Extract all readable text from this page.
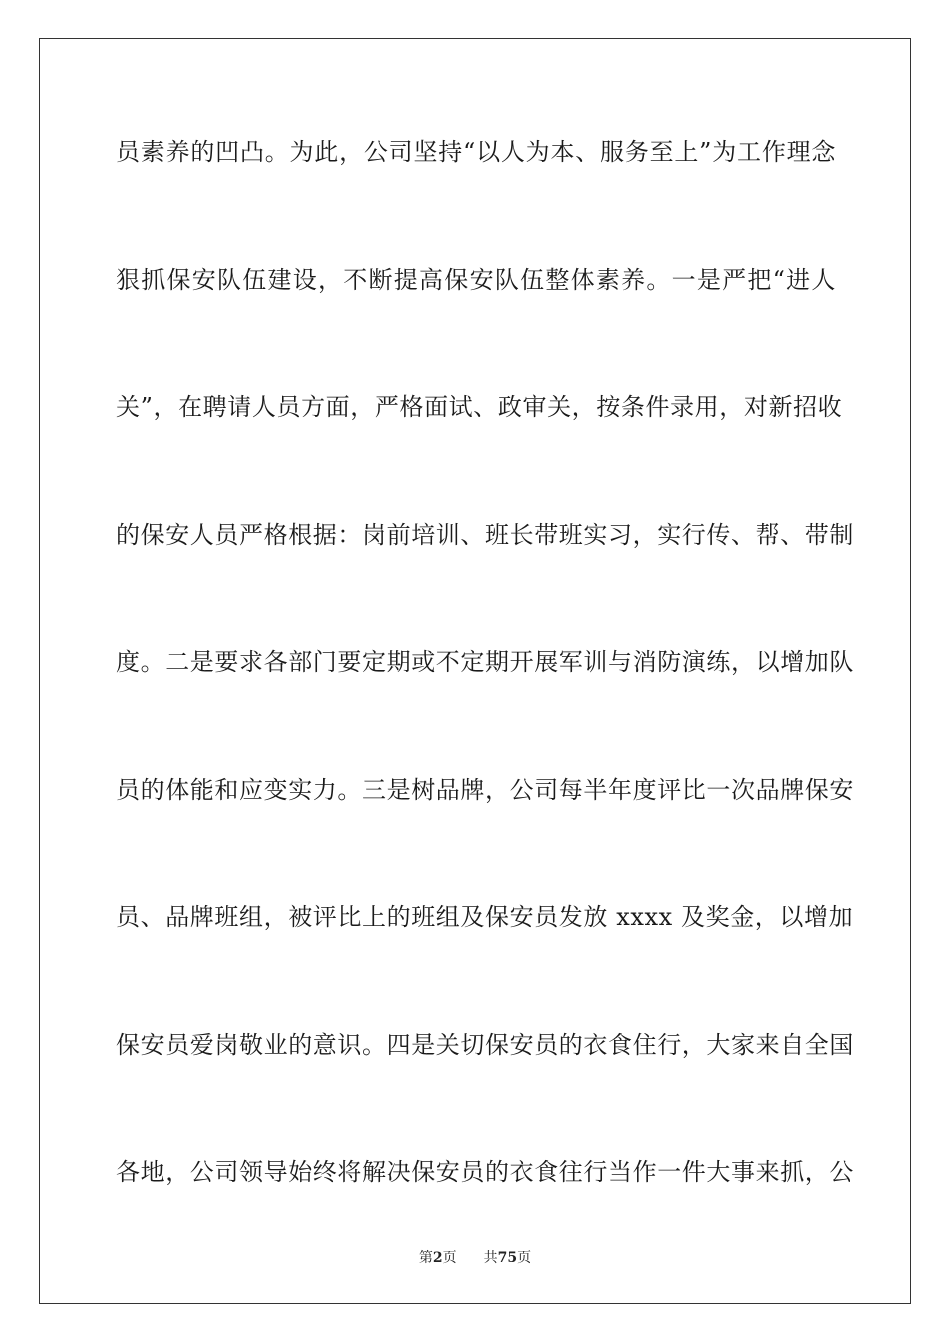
员素养的凹凸。为此，公司坚持“以人为本、服务至上”为工作理念
狠抓保安队伍建设，不断提高保安队伍整体素养。一是严把“进人
关”，在聘请人员方面，严格面试、政审关，按条件录用，对新招收
的保安人员严格根据：岗前培训、班长带班实习，实行传、帮、带制
度。二是要求各部门要定期或不定期开展军训与消防演练，以增加队
员的体能和应变实力。三是树品牌，公司每半年度评比一次品牌保安
员、品牌班组，被评比上的班组及保安员发放 xxxx 及奖金，以增加
保安员爱岗敬业的意识。四是关切保安员的衣食住行，大家来自全国
各地，公司领导始终将解决保安员的衣食往行当作一件大事来抓，公
第2页 共75页
